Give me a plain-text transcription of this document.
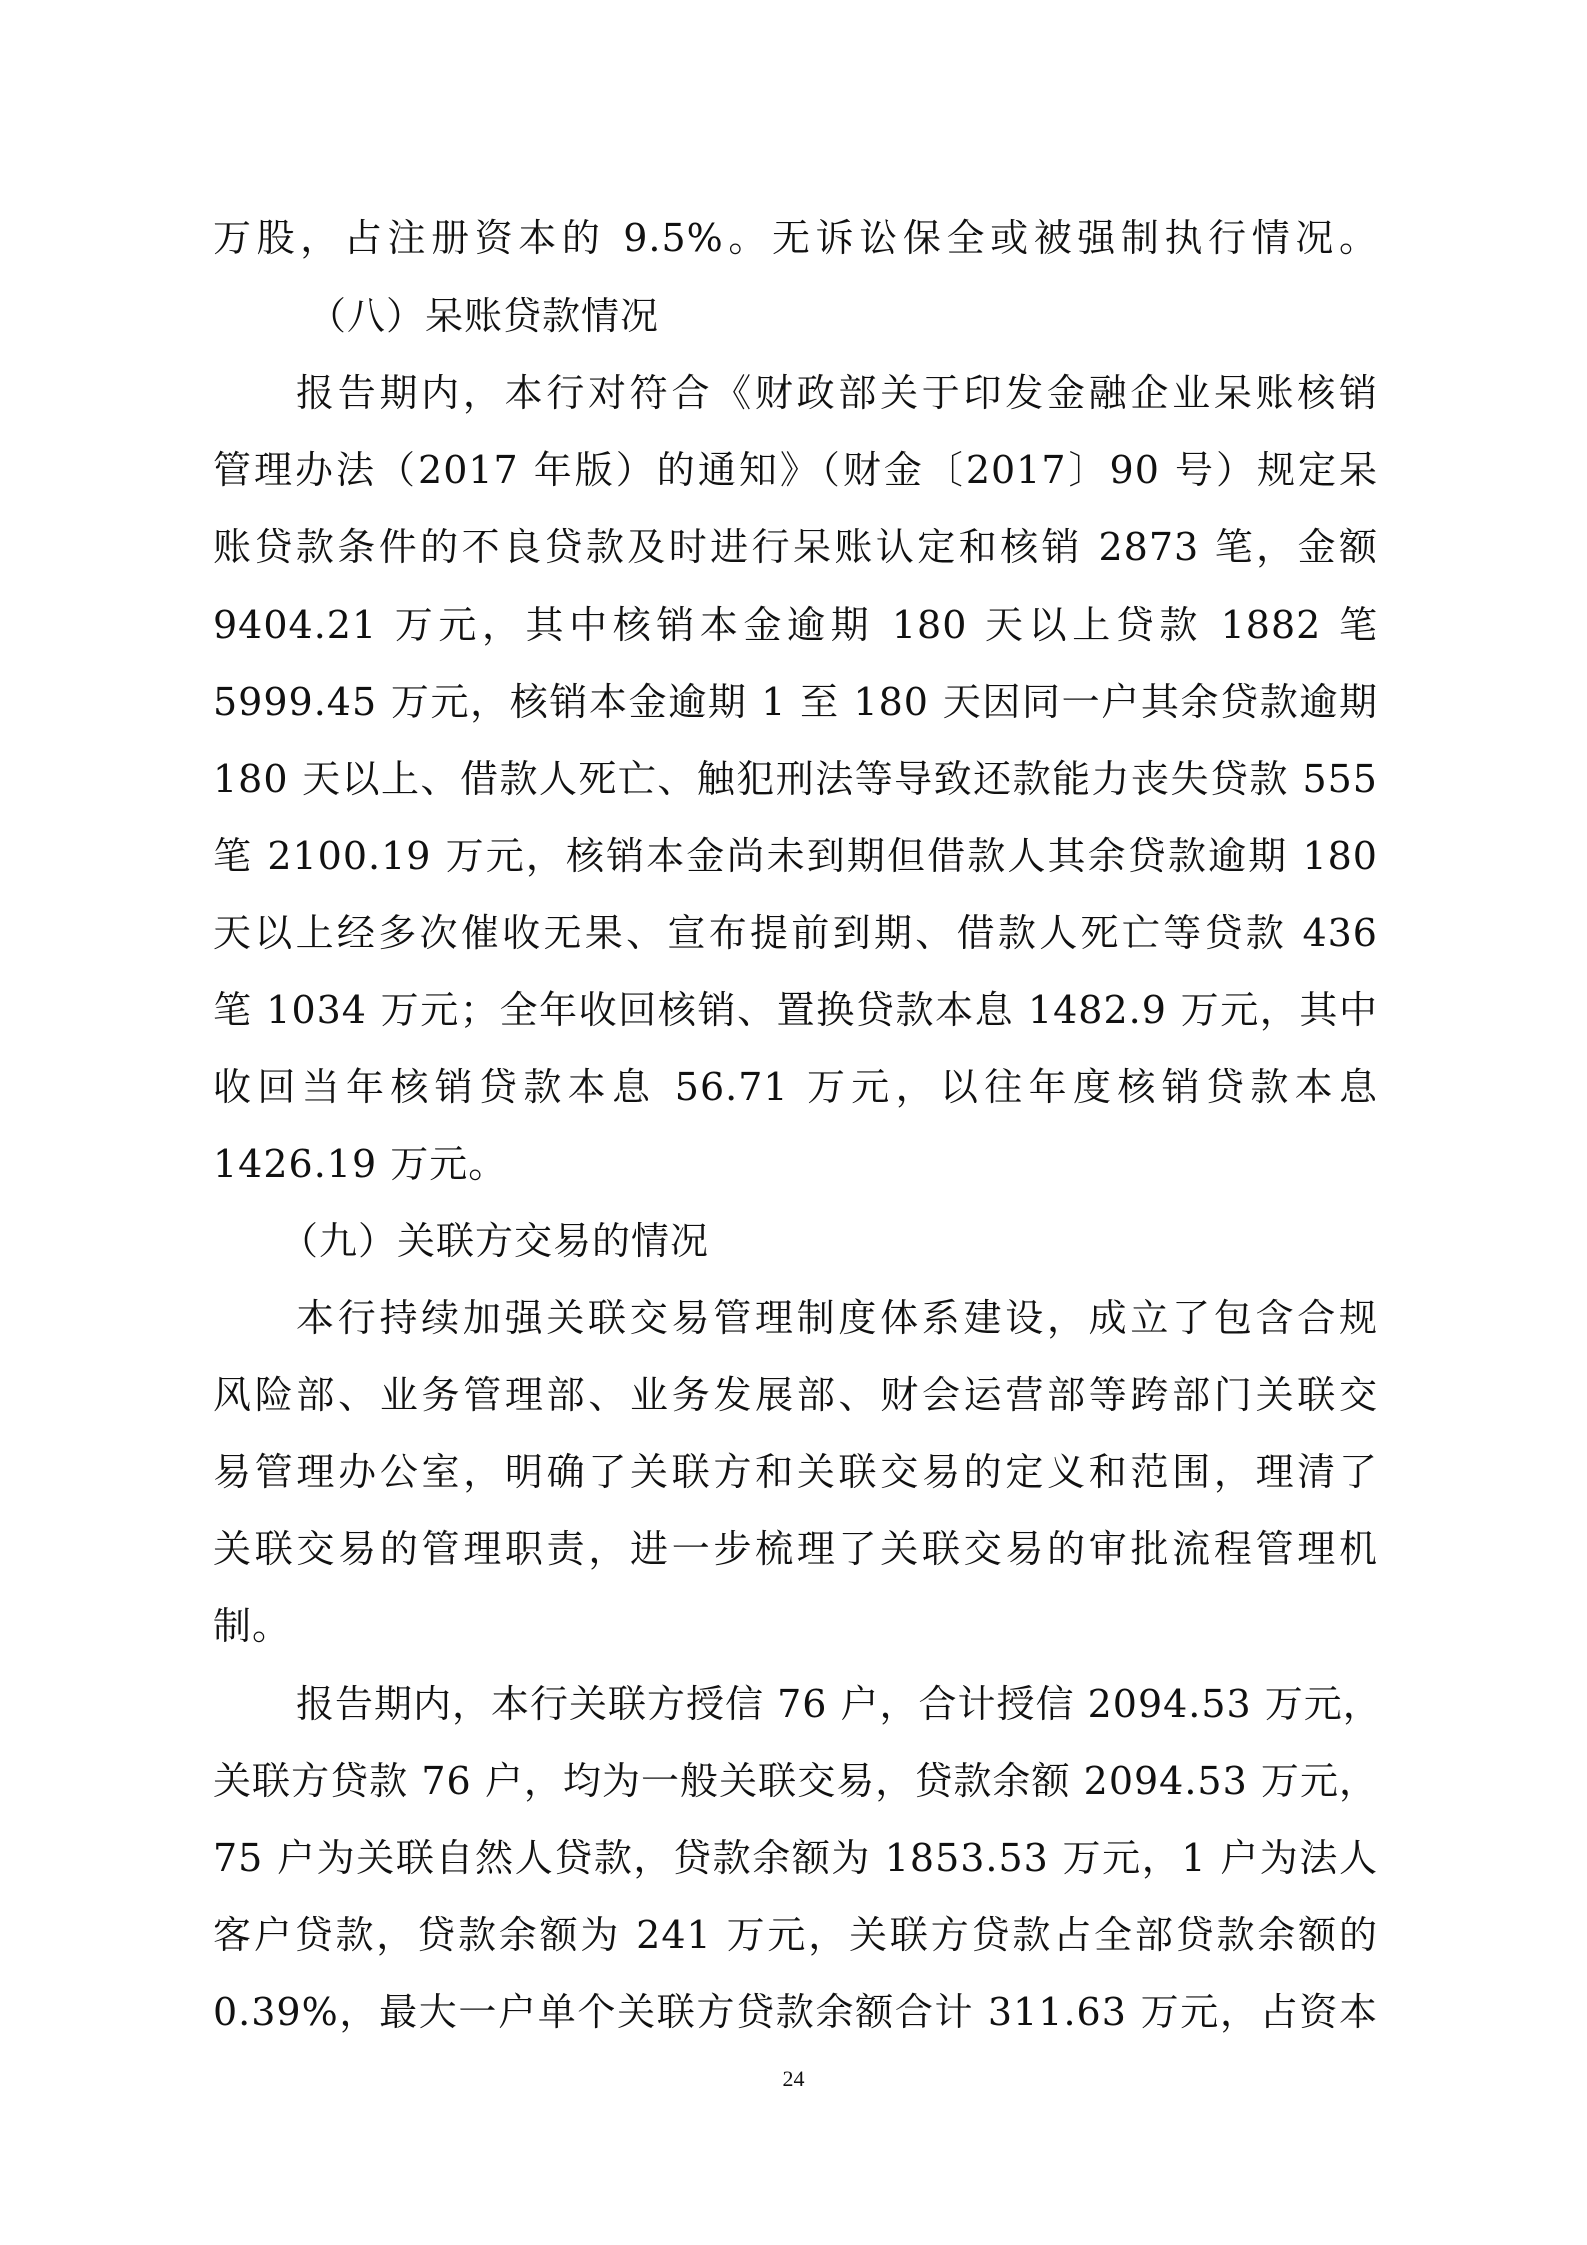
万股，占注册资本的 9.5%。无诉讼保全或被强制执行情况。
（八）呆账贷款情况
报告期内，本行对符合《财政部关于印发金融企业呆账核销
管理办法（2017 年版）的通知》（财金〔2017〕90 号）规定呆
账贷款条件的不良贷款及时进行呆账认定和核销 2873 笔，金额
9404.21 万元，其中核销本金逾期 180 天以上贷款 1882 笔
5999.45 万元，核销本金逾期 1 至 180 天因同一户其余贷款逾期
180 天以上、借款人死亡、触犯刑法等导致还款能力丧失贷款 555
笔 2100.19 万元，核销本金尚未到期但借款人其余贷款逾期 180
天以上经多次催收无果、宣布提前到期、借款人死亡等贷款 436
笔 1034 万元；全年收回核销、置换贷款本息 1482.9 万元，其中
收回当年核销贷款本息 56.71 万元，以往年度核销贷款本息
1426.19 万元。
（九）关联方交易的情况
本行持续加强关联交易管理制度体系建设，成立了包含合规
风险部、业务管理部、业务发展部、财会运营部等跨部门关联交
易管理办公室，明确了关联方和关联交易的定义和范围，理清了
关联交易的管理职责，进一步梳理了关联交易的审批流程管理机
制。
报告期内，本行关联方授信 76 户，合计授信 2094.53 万元，
关联方贷款 76 户，均为一般关联交易，贷款余额 2094.53 万元，
75 户为关联自然人贷款，贷款余额为 1853.53 万元，1 户为法人
客户贷款，贷款余额为 241 万元，关联方贷款占全部贷款余额的
0.39%，最大一户单个关联方贷款余额合计 311.63 万元，占资本
24
